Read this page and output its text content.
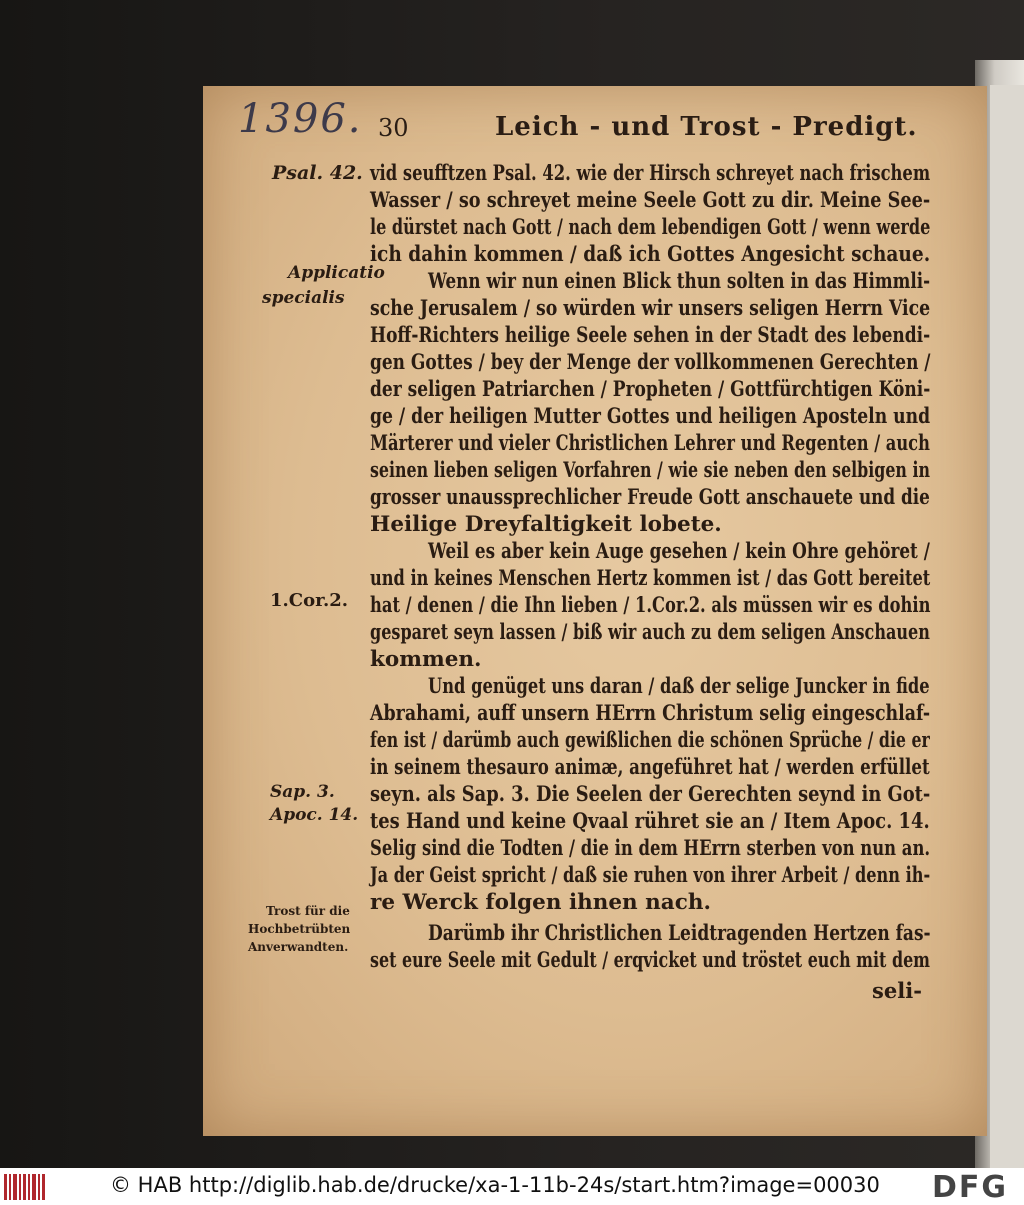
1396. 30	Leich - und Trost - Predigt.
Psal. 42.
Applicatio
specialis
1.Cor.2.
Sap. 3.
Apoc. 14.
Trost für die
Hochbetrübten
Anverwandten.
vid seufftzen Psal. 42. wie der Hirsch schreyet nach frischem
Wasser / so schreyet meine Seele Gott zu dir. Meine See-
le dürstet nach Gott / nach dem lebendigen Gott / wenn werde
ich dahin kommen / daß ich Gottes Angesicht schaue.
Wenn wir nun einen Blick thun solten in das Himmli-
sche Jerusalem / so würden wir unsers seligen Herrn Vice
Hoff-Richters heilige Seele sehen in der Stadt des lebendi-
gen Gottes / bey der Menge der vollkommenen Gerechten /
der seligen Patriarchen / Propheten / Gottfürchtigen Köni-
ge / der heiligen Mutter Gottes und heiligen Aposteln und
Märterer und vieler Christlichen Lehrer und Regenten / auch
seinen lieben seligen Vorfahren / wie sie neben den selbigen in
grosser unaussprechlicher Freude Gott anschauete und die
Heilige Dreyfaltigkeit lobete.
Weil es aber kein Auge gesehen / kein Ohre gehöret /
und in keines Menschen Hertz kommen ist / das Gott bereitet
hat / denen / die Ihn lieben / 1.Cor.2. als müssen wir es dohin
gesparet seyn lassen / biß wir auch zu dem seligen Anschauen
kommen.
Und genüget uns daran / daß der selige Juncker in fide
Abrahami, auff unsern HErrn Christum selig eingeschlaf-
fen ist / darümb auch gewißlichen die schönen Sprüche / die er
in seinem thesauro animæ, angeführet hat / werden erfüllet
seyn. als Sap. 3. Die Seelen der Gerechten seynd in Got-
tes Hand und keine Qvaal rühret sie an / Item Apoc. 14.
Selig sind die Todten / die in dem HErrn sterben von nun an.
Ja der Geist spricht / daß sie ruhen von ihrer Arbeit / denn ih-
re Werck folgen ihnen nach.
Darümb ihr Christlichen Leidtragenden Hertzen fas-
set eure Seele mit Gedult / erqvicket und tröstet euch mit dem
seli-
© HAB http://diglib.hab.de/drucke/xa-1-11b-24s/start.htm?image=00030 DFG
